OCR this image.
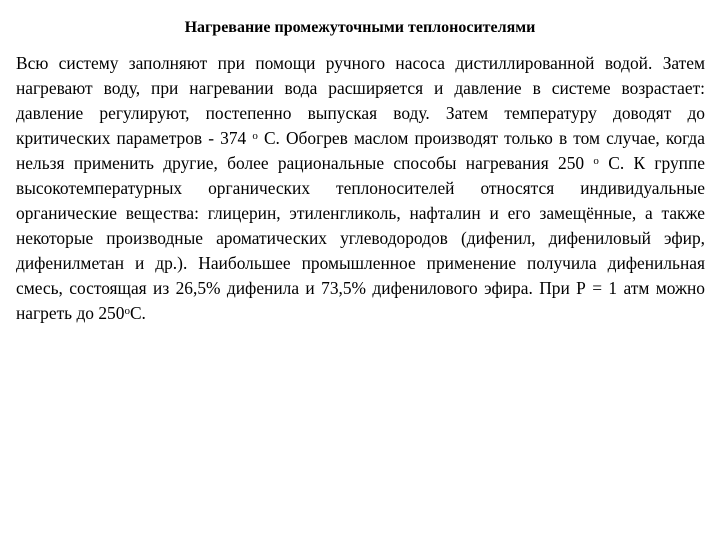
Нагревание промежуточными теплоносителями

Всю систему заполняют при помощи ручного насоса дистиллированной водой. Затем нагревают воду, при нагревании вода расширяется и давление в системе возрастает: давление регулируют, постепенно выпуская воду. Затем температуру доводят до критических параметров - 374 $^о$ С. Обогрев маслом производят только в том случае, когда нельзя применить другие, более рациональные способы нагревания 250 $^о$ С. К группе высокотемпературных органических теплоносителей относятся индивидуальные органические вещества: глицерин, этиленгликоль, нафталин и его замещённые, а также некоторые производные ароматических углеводородов (дифенил, дифениловый эфир, дифенилметан и др.). Наибольшее промышленное применение получила дифенильная смесь, состоящая из 26,5% дифенила и 73,5% дифенилового эфира. При Р = 1 атм можно нагреть до $250^оС$.
